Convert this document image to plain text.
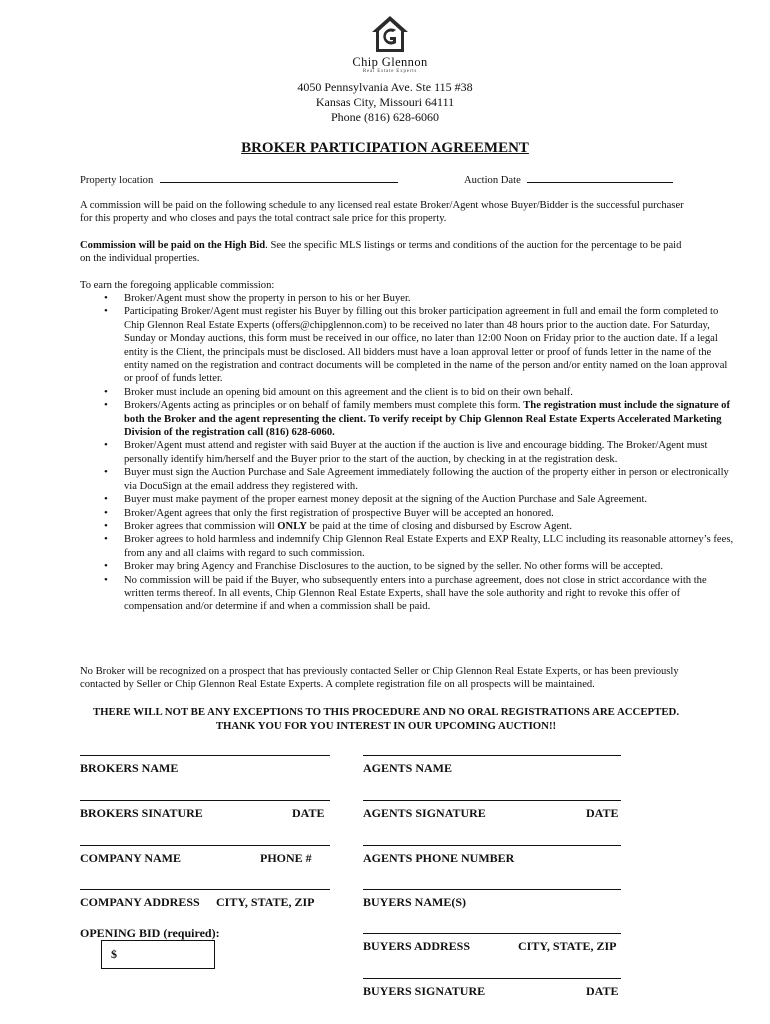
Chip Glennon
Real Estate Experts
4050 Pennsylvania Ave. Ste 115 #38
Kansas City, Missouri 64111
Phone (816) 628-6060
BROKER PARTICIPATION AGREEMENT
Property location	Auction Date
A commission will be paid on the following schedule to any licensed real estate Broker/Agent whose Buyer/Bidder is the successful purchaser for this property and who closes and pays the total contract sale price for this property.
Commission will be paid on the High Bid. See the specific MLS listings or terms and conditions of the auction for the percentage to be paid on the individual properties.
To earn the foregoing applicable commission:
• Broker/Agent must show the property in person to his or her Buyer.
• Participating Broker/Agent must register his Buyer by filling out this broker participation agreement in full and email the form completed to Chip Glennon Real Estate Experts (offers@chipglennon.com) to be received no later than 48 hours prior to the auction date. For Saturday, Sunday or Monday auctions, this form must be received in our office, no later than 12:00 Noon on Friday prior to the auction date. If a legal entity is the Client, the principals must be disclosed. All bidders must have a loan approval letter or proof of funds letter in the name of the entity named on the registration and contract documents will be completed in the name of the person and/or entity named on the loan approval or proof of funds letter.
• Broker must include an opening bid amount on this agreement and the client is to bid on their own behalf.
• Brokers/Agents acting as principles or on behalf of family members must complete this form. The registration must include the signature of both the Broker and the agent representing the client. To verify receipt by Chip Glennon Real Estate Experts Accelerated Marketing Division of the registration call (816) 628-6060.
• Broker/Agent must attend and register with said Buyer at the auction if the auction is live and encourage bidding. The Broker/Agent must personally identify him/herself and the Buyer prior to the start of the auction, by checking in at the registration desk.
• Buyer must sign the Auction Purchase and Sale Agreement immediately following the auction of the property either in person or electronically via DocuSign at the email address they registered with.
• Buyer must make payment of the proper earnest money deposit at the signing of the Auction Purchase and Sale Agreement.
• Broker/Agent agrees that only the first registration of prospective Buyer will be accepted an honored.
• Broker agrees that commission will ONLY be paid at the time of closing and disbursed by Escrow Agent.
• Broker agrees to hold harmless and indemnify Chip Glennon Real Estate Experts and EXP Realty, LLC including its reasonable attorney’s fees, from any and all claims with regard to such commission.
• Broker may bring Agency and Franchise Disclosures to the auction, to be signed by the seller. No other forms will be accepted.
• No commission will be paid if the Buyer, who subsequently enters into a purchase agreement, does not close in strict accordance with the written terms thereof. In all events, Chip Glennon Real Estate Experts, shall have the sole authority and right to revoke this offer of compensation and/or determine if and when a commission shall be paid.
No Broker will be recognized on a prospect that has previously contacted Seller or Chip Glennon Real Estate Experts, or has been previously contacted by Seller or Chip Glennon Real Estate Experts. A complete registration file on all prospects will be maintained.
THERE WILL NOT BE ANY EXCEPTIONS TO THIS PROCEDURE AND NO ORAL REGISTRATIONS ARE ACCEPTED. THANK YOU FOR YOU INTEREST IN OUR UPCOMING AUCTION!!
BROKERS NAME
BROKERS SINATURE	DATE
COMPANY NAME	PHONE #
COMPANY ADDRESS CITY, STATE, ZIP
OPENING BID (required):
$
AGENTS NAME
AGENTS SIGNATURE	DATE
AGENTS PHONE NUMBER
BUYERS NAME(S)
BUYERS ADDRESS	CITY, STATE, ZIP
BUYERS SIGNATURE	DATE
